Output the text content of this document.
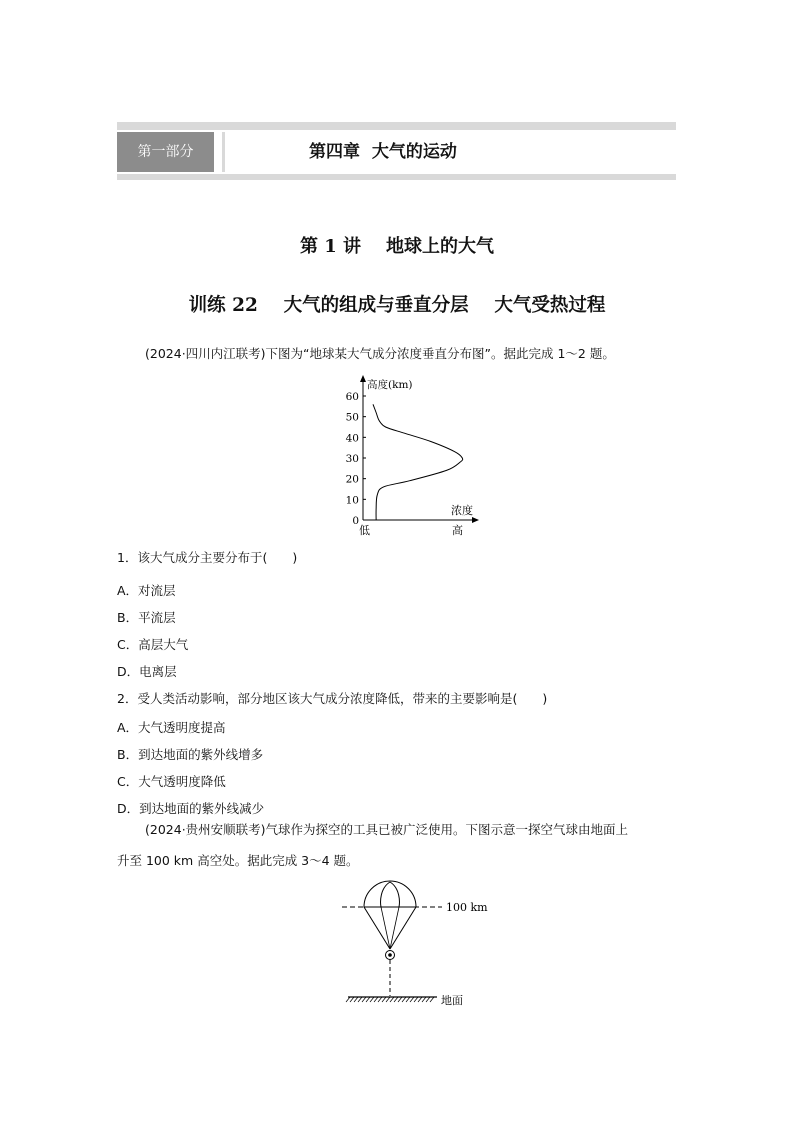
第一部分	第四章  大气的运动
第 1 讲    地球上的大气
训练 22    大气的组成与垂直分层    大气受热过程
(2024·四川内江联考)下图为“地球某大气成分浓度垂直分布图”。据此完成 1～2 题。
60
50
40
30
20
10
0
高度(km)
浓度
低	高
1．该大气成分主要分布于(　　)
A．对流层
B．平流层
C．高层大气
D．电离层
2．受人类活动影响，部分地区该大气成分浓度降低，带来的主要影响是(　　)
A．大气透明度提高
B．到达地面的紫外线增多
C．大气透明度降低
D．到达地面的紫外线减少
(2024·贵州安顺联考)气球作为探空的工具已被广泛使用。下图示意一探空气球由地面上
升至 100 km 高空处。据此完成 3～4 题。
100 km
地面
